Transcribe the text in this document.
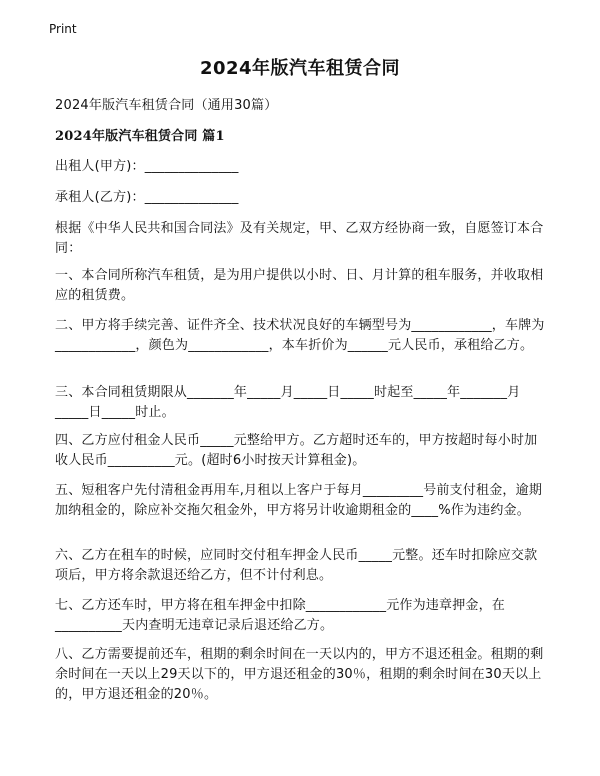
Print
2024年版汽车租赁合同
2024年版汽车租赁合同（通用30篇）
2024年版汽车租赁合同 篇1
出租人(甲方)：______________
承租人(乙方)：______________
根据《中华人民共和国合同法》及有关规定，甲、乙双方经协商一致，自愿签订本合同：
一、本合同所称汽车租赁，是为用户提供以小时、日、月计算的租车服务，并收取相应的租赁费。
二、甲方将手续完善、证件齐全、技术状况良好的车辆型号为____________，车牌为____________，颜色为____________，本车折价为______元人民币，承租给乙方。
三、本合同租赁期限从_______年_____月_____日_____时起至_____年_______月_____日_____时止。
四、乙方应付租金人民币_____元整给甲方。乙方超时还车的，甲方按超时每小时加收人民币__________元。(超时6小时按天计算租金)。
五、短租客户先付清租金再用车,月租以上客户于每月_________号前支付租金，逾期加纳租金的，除应补交拖欠租金外，甲方将另计收逾期租金的____%作为违约金。
六、乙方在租车的时候，应同时交付租车押金人民币_____元整。还车时扣除应交款项后，甲方将余款退还给乙方，但不计付利息。
七、乙方还车时，甲方将在租车押金中扣除____________元作为违章押金，在__________天内查明无违章记录后退还给乙方。
八、乙方需要提前还车，租期的剩余时间在一天以内的，甲方不退还租金。租期的剩余时间在一天以上29天以下的，甲方退还租金的30％，租期的剩余时间在30天以上的，甲方退还租金的20％。
